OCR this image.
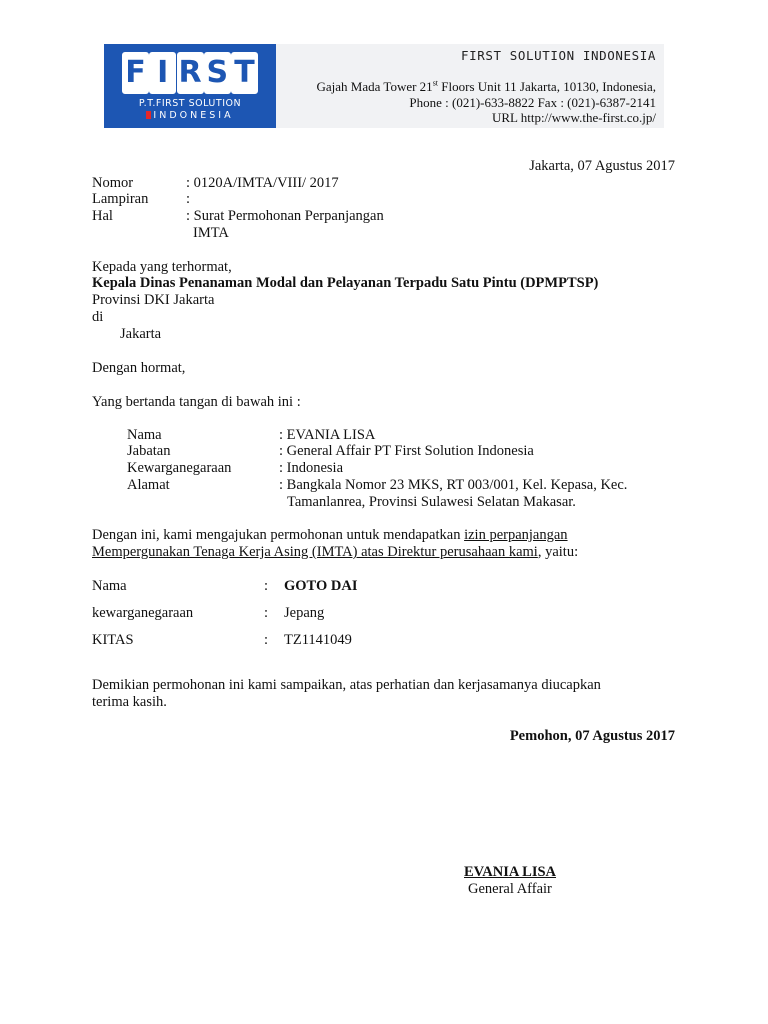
F I R S T
P.T.FIRST SOLUTION
INDONESIA
FIRST SOLUTION INDONESIA
Gajah Mada Tower 21st Floors Unit 11 Jakarta, 10130, Indonesia,
Phone : (021)-633-8822 Fax : (021)-6387-2141
URL http://www.the-first.co.jp/
Jakarta, 07 Agustus 2017
Nomor	: 0120A/IMTA/VIII/ 2017
Lampiran	:
Hal	: Surat Permohonan Perpanjangan
IMTA
Kepada yang terhormat,
Kepala Dinas Penanaman Modal dan Pelayanan Terpadu Satu Pintu (DPMPTSP)
Provinsi DKI Jakarta
di
Jakarta
Dengan hormat,
Yang bertanda tangan di bawah ini :
Nama	: EVANIA LISA
Jabatan	: General Affair PT First Solution Indonesia
Kewarganegaraan	: Indonesia
Alamat	: Bangkala Nomor 23 MKS, RT 003/001, Kel. Kepasa, Kec.
Tamanlanrea, Provinsi Sulawesi Selatan Makasar.
Dengan ini, kami mengajukan permohonan untuk mendapatkan izin perpanjangan
Mempergunakan Tenaga Kerja Asing (IMTA) atas Direktur perusahaan kami, yaitu:
Nama	: GOTO DAI
kewarganegaraan	: Jepang
KITAS	: TZ1141049
Demikian permohonan ini kami sampaikan, atas perhatian dan kerjasamanya diucapkan
terima kasih.
Pemohon, 07 Agustus 2017
EVANIA LISA
General Affair
